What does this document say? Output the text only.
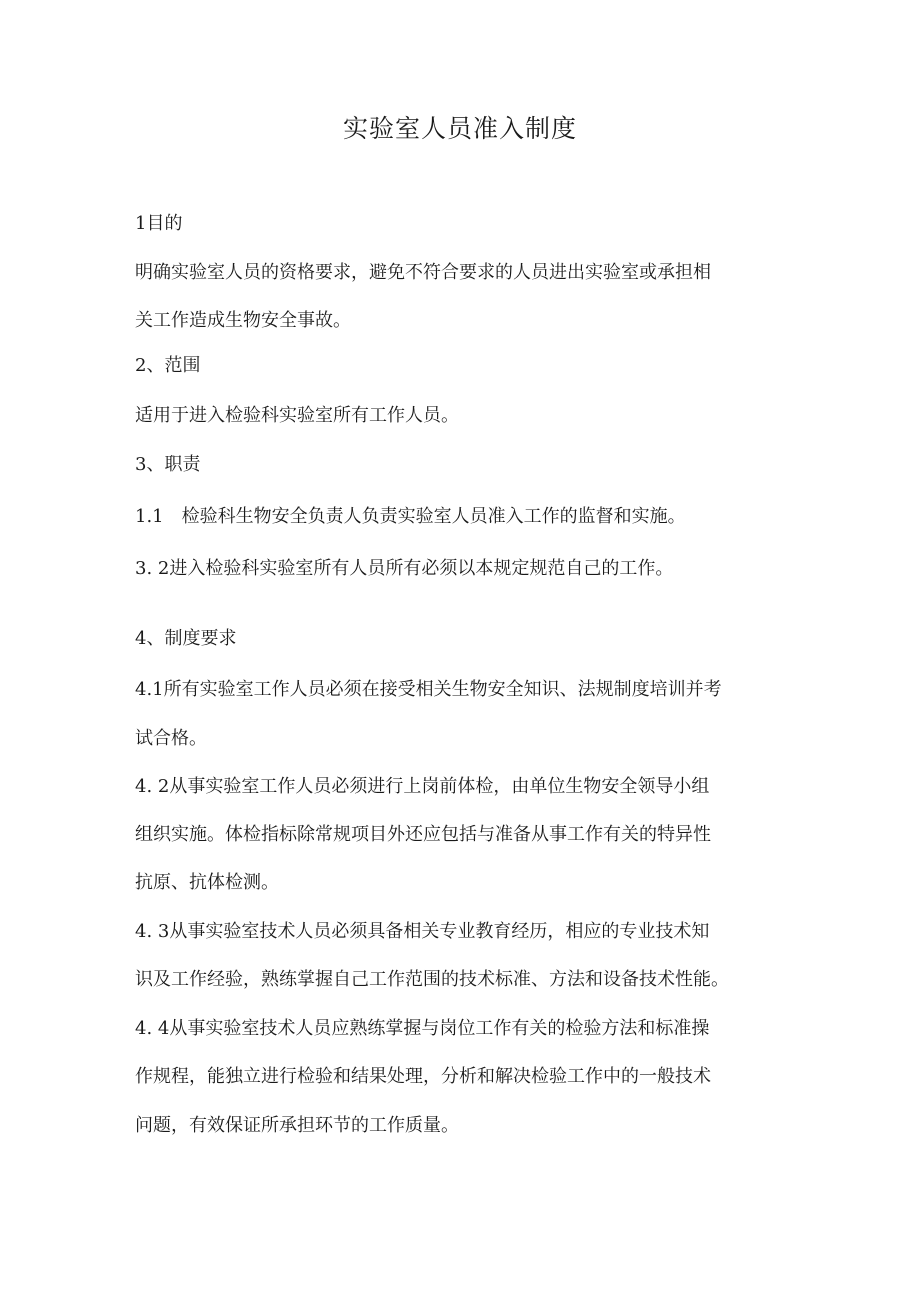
实验室人员准入制度

1目的

明确实验室人员的资格要求，避免不符合要求的人员进出实验室或承担相

关工作造成生物安全事故。

2、范围

适用于进入检验科实验室所有工作人员。

3、职责

1.1　检验科生物安全负责人负责实验室人员准入工作的监督和实施。

3. 2进入检验科实验室所有人员所有必须以本规定规范自己的工作。

4、制度要求

4.1所有实验室工作人员必须在接受相关生物安全知识、法规制度培训并考

试合格。

4. 2从事实验室工作人员必须进行上岗前体检，由单位生物安全领导小组

组织实施。体检指标除常规项目外还应包括与准备从事工作有关的特异性

抗原、抗体检测。

4. 3从事实验室技术人员必须具备相关专业教育经历，相应的专业技术知

识及工作经验，熟练掌握自己工作范围的技术标准、方法和设备技术性能。

4. 4从事实验室技术人员应熟练掌握与岗位工作有关的检验方法和标准操

作规程，能独立进行检验和结果处理，分析和解决检验工作中的一般技术

问题，有效保证所承担环节的工作质量。
